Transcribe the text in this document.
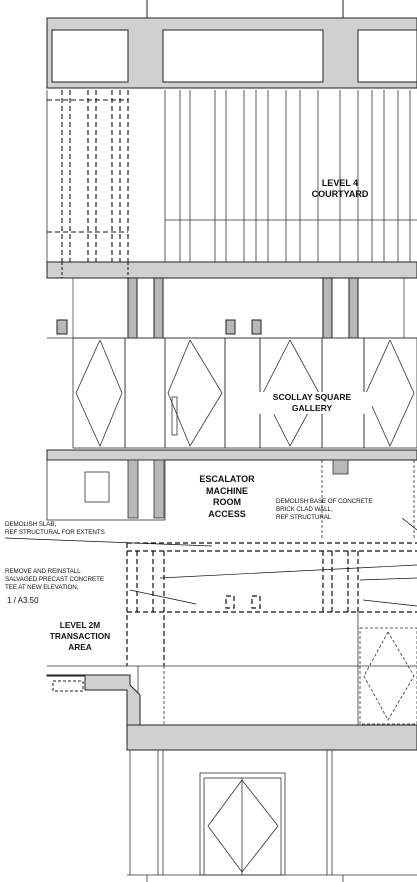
LEVEL 4
COURTYARD
SCOLLAY SQUARE GALLERY
ESCALATOR
MACHINE
ROOM
ACCESS
LEVEL 2M TRANSACTION
AREA
DEMOLISH BASE OF CONCRETE
BRICK CLAD WALL,
REF STRUCTURAL
DEMOLISH SLAB,
REF STRUCTURAL FOR EXTENTS
REMOVE AND REINSTALL
SALVAGED PRECAST CONCRETE
TEE AT NEW ELEVATION,
1 / A3.50
